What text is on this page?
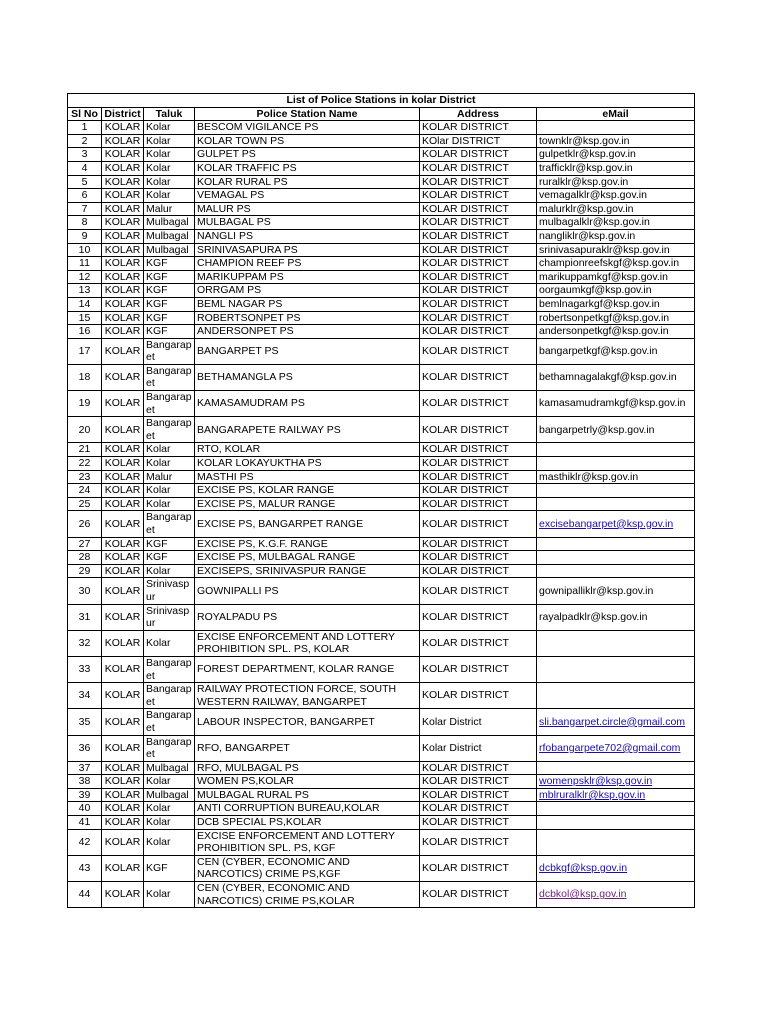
List of Police Stations in kolar District					
Sl No	District	Taluk	Police Station Name	Address	eMail
1	KOLAR	Kolar	BESCOM VIGILANCE PS	KOLAR DISTRICT	
2	KOLAR	Kolar	KOLAR TOWN PS	KOlar DISTRICT	townklr@ksp.gov.in
3	KOLAR	Kolar	GULPET PS	KOLAR DISTRICT	gulpetklr@ksp.gov.in
4	KOLAR	Kolar	KOLAR TRAFFIC PS	KOLAR DISTRICT	trafficklr@ksp.gov.in
5	KOLAR	Kolar	KOLAR RURAL PS	KOLAR DISTRICT	ruralklr@ksp.gov.in
6	KOLAR	Kolar	VEMAGAL PS	KOLAR DISTRICT	vemagalklr@ksp.gov.in
7	KOLAR	Malur	MALUR PS	KOLAR DISTRICT	malurklr@ksp.gov.in
8	KOLAR	Mulbagal	MULBAGAL PS	KOLAR DISTRICT	mulbagalklr@ksp.gov.in
9	KOLAR	Mulbagal	NANGLI PS	KOLAR DISTRICT	nangliklr@ksp.gov.in
10	KOLAR	Mulbagal	SRINIVASAPURA PS	KOLAR DISTRICT	srinivasapuraklr@ksp.gov.in
11	KOLAR	KGF	CHAMPION REEF PS	KOLAR DISTRICT	championreefskgf@ksp.gov.in
12	KOLAR	KGF	MARIKUPPAM PS	KOLAR DISTRICT	marikuppamkgf@ksp.gov.in
13	KOLAR	KGF	ORRGAM PS	KOLAR DISTRICT	oorgaumkgf@ksp.gov.in
14	KOLAR	KGF	BEML NAGAR PS	KOLAR DISTRICT	bemlnagarkgf@ksp.gov.in
15	KOLAR	KGF	ROBERTSONPET PS	KOLAR DISTRICT	robertsonpetkgf@ksp.gov.in
16	KOLAR	KGF	ANDERSONPET PS	KOLAR DISTRICT	andersonpetkgf@ksp.gov.in
17	KOLAR	Bangarapet	BANGARPET PS	KOLAR DISTRICT	bangarpetkgf@ksp.gov.in
18	KOLAR	Bangarapet	BETHAMANGLA PS	KOLAR DISTRICT	bethamnagalakgf@ksp.gov.in
19	KOLAR	Bangarapet	KAMASAMUDRAM PS	KOLAR DISTRICT	kamasamudramkgf@ksp.gov.in
20	KOLAR	Bangarapet	BANGARAPETE RAILWAY PS	KOLAR DISTRICT	bangarpetrly@ksp.gov.in
21	KOLAR	Kolar	RTO, KOLAR	KOLAR DISTRICT	
22	KOLAR	Kolar	KOLAR LOKAYUKTHA PS	KOLAR DISTRICT	
23	KOLAR	Malur	MASTHI PS	KOLAR DISTRICT	masthiklr@ksp.gov.in
24	KOLAR	Kolar	EXCISE PS, KOLAR RANGE	KOLAR DISTRICT	
25	KOLAR	Kolar	EXCISE PS, MALUR RANGE	KOLAR DISTRICT	
26	KOLAR	Bangarapet	EXCISE PS, BANGARPET RANGE	KOLAR DISTRICT	excisebangarpet@ksp.gov.in
27	KOLAR	KGF	EXCISE PS, K.G.F. RANGE	KOLAR DISTRICT	
28	KOLAR	KGF	EXCISE PS, MULBAGAL RANGE	KOLAR DISTRICT	
29	KOLAR	Kolar	EXCISEPS, SRINIVASPUR RANGE	KOLAR DISTRICT	
30	KOLAR	Srinivaspur	GOWNIPALLI PS	KOLAR DISTRICT	gownipalliklr@ksp.gov.in
31	KOLAR	Srinivaspur	ROYALPADU PS	KOLAR DISTRICT	rayalpadklr@ksp.gov.in
32	KOLAR	Kolar	EXCISE ENFORCEMENT AND LOTTERY PROHIBITION SPL. PS, KOLAR	KOLAR DISTRICT	
33	KOLAR	Bangarapet	FOREST DEPARTMENT, KOLAR RANGE	KOLAR DISTRICT	
34	KOLAR	Bangarapet	RAILWAY PROTECTION FORCE, SOUTH WESTERN RAILWAY, BANGARPET	KOLAR DISTRICT	
35	KOLAR	Bangarapet	LABOUR INSPECTOR, BANGARPET	Kolar District	sli.bangarpet.circle@gmail.com
36	KOLAR	Bangarapet	RFO, BANGARPET	Kolar District	rfobangarpete702@gmail.com
37	KOLAR	Mulbagal	RFO, MULBAGAL PS	KOLAR DISTRICT	
38	KOLAR	Kolar	WOMEN PS,KOLAR	KOLAR DISTRICT	womenpsklr@ksp.gov.in
39	KOLAR	Mulbagal	MULBAGAL RURAL PS	KOLAR DISTRICT	mblruralklr@ksp.gov.in
40	KOLAR	Kolar	ANTI CORRUPTION BUREAU,KOLAR	KOLAR DISTRICT	
41	KOLAR	Kolar	DCB SPECIAL PS,KOLAR	KOLAR DISTRICT	
42	KOLAR	Kolar	EXCISE ENFORCEMENT AND LOTTERY PROHIBITION SPL. PS, KGF	KOLAR DISTRICT	
43	KOLAR	KGF	CEN (CYBER, ECONOMIC AND NARCOTICS) CRIME PS,KGF	KOLAR DISTRICT	dcbkgf@ksp.gov.in
44	KOLAR	Kolar	CEN (CYBER, ECONOMIC AND NARCOTICS) CRIME PS,KOLAR	KOLAR DISTRICT	dcbkol@ksp.gov.in
